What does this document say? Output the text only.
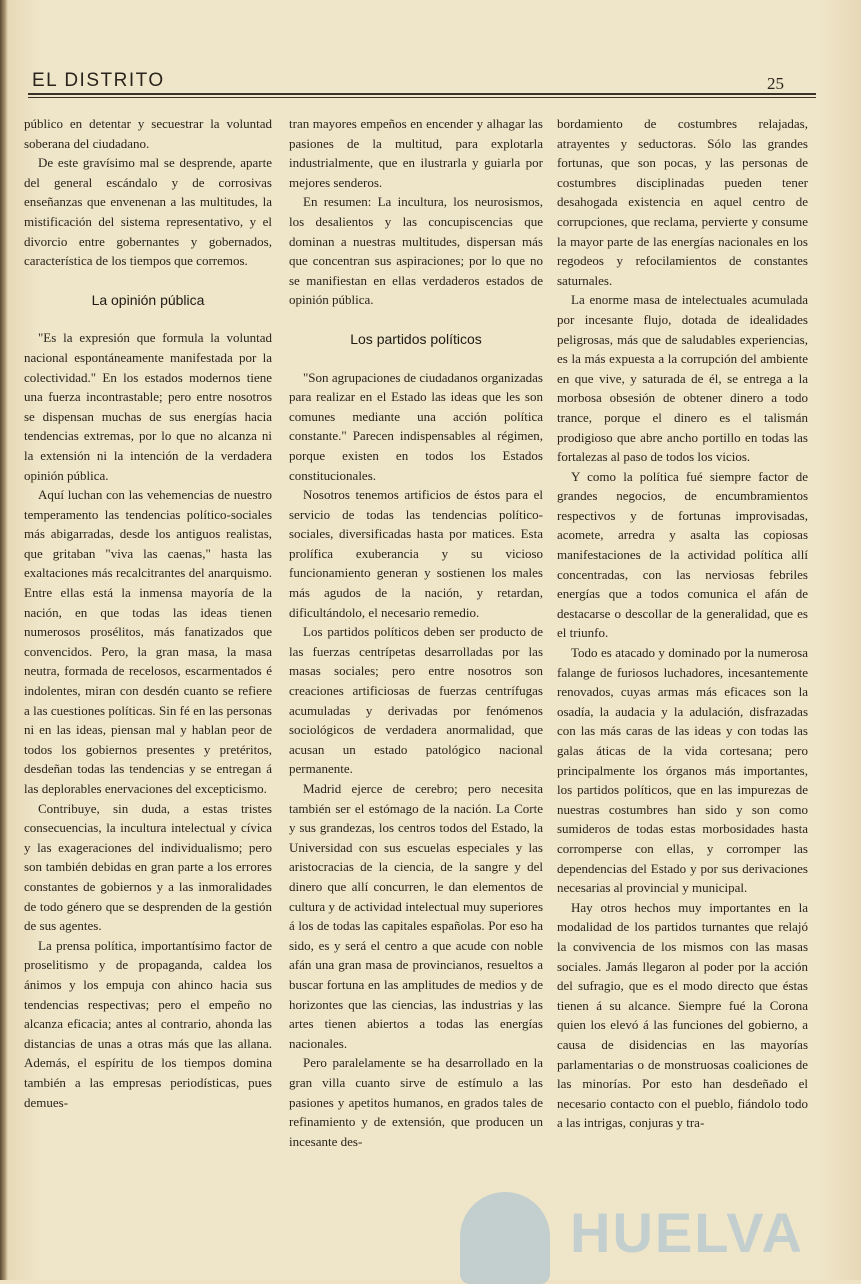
EL DISTRITO	25

público en detentar y secuestrar la voluntad soberana del ciudadano.

De este gravísimo mal se desprende, aparte del general escándalo y de corrosivas enseñanzas que envenenan a las multitudes, la mistificación del sistema representativo, y el divorcio entre gobernantes y gobernados, característica de los tiempos que corremos.

La opinión pública

"Es la expresión que formula la voluntad nacional espontáneamente manifestada por la colectividad." En los estados modernos tiene una fuerza incontrastable; pero entre nosotros se dispensan muchas de sus energías hacia tendencias extremas, por lo que no alcanza ni la extensión ni la intención de la verdadera opinión pública.

Aquí luchan con las vehemencias de nuestro temperamento las tendencias político-sociales más abigarradas, desde los antiguos realistas, que gritaban "viva las caenas," hasta las exaltaciones más recalcitrantes del anarquismo. Entre ellas está la inmensa mayoría de la nación, en que todas las ideas tienen numerosos prosélitos, más fanatizados que convencidos. Pero, la gran masa, la masa neutra, formada de recelosos, escarmentados é indolentes, miran con desdén cuanto se refiere a las cuestiones políticas. Sin fé en las personas ni en las ideas, piensan mal y hablan peor de todos los gobiernos presentes y pretéritos, desdeñan todas las tendencias y se entregan á las deplorables enervaciones del excepticismo.

Contribuye, sin duda, a estas tristes consecuencias, la incultura intelectual y cívica y las exageraciones del individualismo; pero son también debidas en gran parte a los errores constantes de gobiernos y a las inmoralidades de todo género que se desprenden de la gestión de sus agentes.

La prensa política, importantísimo factor de proselitismo y de propaganda, caldea los ánimos y los empuja con ahinco hacia sus tendencias respectivas; pero el empeño no alcanza eficacia; antes al contrario, ahonda las distancias de unas a otras más que las allana. Además, el espíritu de los tiempos domina también a las empresas periodísticas, pues demues-

tran mayores empeños en encender y alhagar las pasiones de la multitud, para explotarla industrialmente, que en ilustrarla y guiarla por mejores senderos.

En resumen: La incultura, los neurosismos, los desalientos y las concupiscencias que dominan a nuestras multitudes, dispersan más que concentran sus aspiraciones; por lo que no se manifiestan en ellas verdaderos estados de opinión pública.

Los partidos políticos

"Son agrupaciones de ciudadanos organizadas para realizar en el Estado las ideas que les son comunes mediante una acción política constante." Parecen indispensables al régimen, porque existen en todos los Estados constitucionales.

Nosotros tenemos artificios de éstos para el servicio de todas las tendencias político-sociales, diversificadas hasta por matices. Esta prolífica exuberancia y su vicioso funcionamiento generan y sostienen los males más agudos de la nación, y retardan, dificultándolo, el necesario remedio.

Los partidos políticos deben ser producto de las fuerzas centrípetas desarrolladas por las masas sociales; pero entre nosotros son creaciones artificiosas de fuerzas centrífugas acumuladas y derivadas por fenómenos sociológicos de verdadera anormalidad, que acusan un estado patológico nacional permanente.

Madrid ejerce de cerebro; pero necesita también ser el estómago de la nación. La Corte y sus grandezas, los centros todos del Estado, la Universidad con sus escuelas especiales y las aristocracias de la ciencia, de la sangre y del dinero que allí concurren, le dan elementos de cultura y de actividad intelectual muy superiores á los de todas las capitales españolas. Por eso ha sido, es y será el centro a que acude con noble afán una gran masa de provincianos, resueltos a buscar fortuna en las amplitudes de medios y de horizontes que las ciencias, las industrias y las artes tienen abiertos a todas las energías nacionales.

Pero paralelamente se ha desarrollado en la gran villa cuanto sirve de estímulo a las pasiones y apetitos humanos, en grados tales de refinamiento y de extensión, que producen un incesante des-

bordamiento de costumbres relajadas, atrayentes y seductoras. Sólo las grandes fortunas, que son pocas, y las personas de costumbres disciplinadas pueden tener desahogada existencia en aquel centro de corrupciones, que reclama, pervierte y consume la mayor parte de las energías nacionales en los regodeos y refocilamientos de constantes saturnales.

La enorme masa de intelectuales acumulada por incesante flujo, dotada de idealidades peligrosas, más que de saludables experiencias, es la más expuesta a la corrupción del ambiente en que vive, y saturada de él, se entrega a la morbosa obsesión de obtener dinero a todo trance, porque el dinero es el talismán prodigioso que abre ancho portillo en todas las fortalezas al paso de todos los vicios.

Y como la política fué siempre factor de grandes negocios, de encumbramientos respectivos y de fortunas improvisadas, acomete, arredra y asalta las copiosas manifestaciones de la actividad política allí concentradas, con las nerviosas febriles energías que a todos comunica el afán de destacarse o descollar de la generalidad, que es el triunfo.

Todo es atacado y dominado por la numerosa falange de furiosos luchadores, incesantemente renovados, cuyas armas más eficaces son la osadía, la audacia y la adulación, disfrazadas con las más caras de las ideas y con todas las galas áticas de la vida cortesana; pero principalmente los órganos más importantes, los partidos políticos, que en las impurezas de nuestras costumbres han sido y son como sumideros de todas estas morbosidades hasta corromperse con ellas, y corromper las dependencias del Estado y por sus derivaciones necesarias al provincial y municipal.

Hay otros hechos muy importantes en la modalidad de los partidos turnantes que relajó la convivencia de los mismos con las masas sociales. Jamás llegaron al poder por la acción del sufragio, que es el modo directo que éstas tienen á su alcance. Siempre fué la Corona quien los elevó á las funciones del gobierno, a causa de disidencias en las mayorías parlamentarias o de monstruosas coaliciones de las minorías. Por esto han desdeñado el necesario contacto con el pueblo, fiándolo todo a las intrigas, conjuras y tra-

HUELVA
